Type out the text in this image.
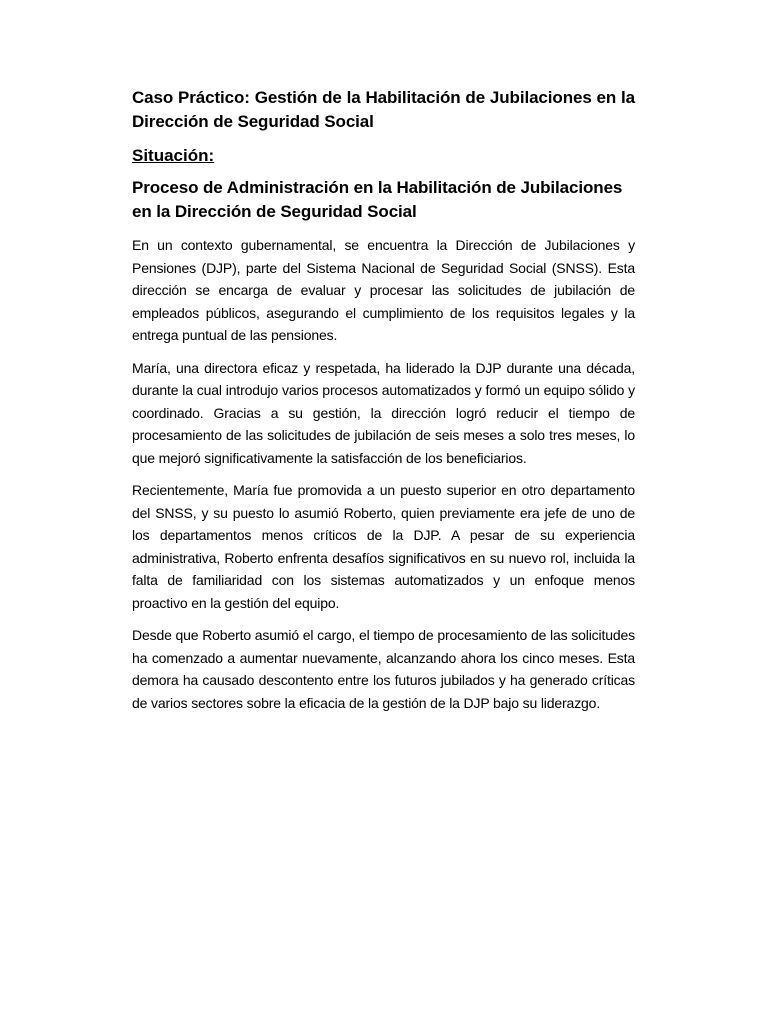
Caso Práctico: Gestión de la Habilitación de Jubilaciones en la Dirección de Seguridad Social
Situación:
Proceso de Administración en la Habilitación de Jubilaciones en la Dirección de Seguridad Social

En un contexto gubernamental, se encuentra la Dirección de Jubilaciones y Pensiones (DJP), parte del Sistema Nacional de Seguridad Social (SNSS). Esta dirección se encarga de evaluar y procesar las solicitudes de jubilación de empleados públicos, asegurando el cumplimiento de los requisitos legales y la entrega puntual de las pensiones.

María, una directora eficaz y respetada, ha liderado la DJP durante una década, durante la cual introdujo varios procesos automatizados y formó un equipo sólido y coordinado. Gracias a su gestión, la dirección logró reducir el tiempo de procesamiento de las solicitudes de jubilación de seis meses a solo tres meses, lo que mejoró significativamente la satisfacción de los beneficiarios.

Recientemente, María fue promovida a un puesto superior en otro departamento del SNSS, y su puesto lo asumió Roberto, quien previamente era jefe de uno de los departamentos menos críticos de la DJP. A pesar de su experiencia administrativa, Roberto enfrenta desafíos significativos en su nuevo rol, incluida la falta de familiaridad con los sistemas automatizados y un enfoque menos proactivo en la gestión del equipo.

Desde que Roberto asumió el cargo, el tiempo de procesamiento de las solicitudes ha comenzado a aumentar nuevamente, alcanzando ahora los cinco meses. Esta demora ha causado descontento entre los futuros jubilados y ha generado críticas de varios sectores sobre la eficacia de la gestión de la DJP bajo su liderazgo.
